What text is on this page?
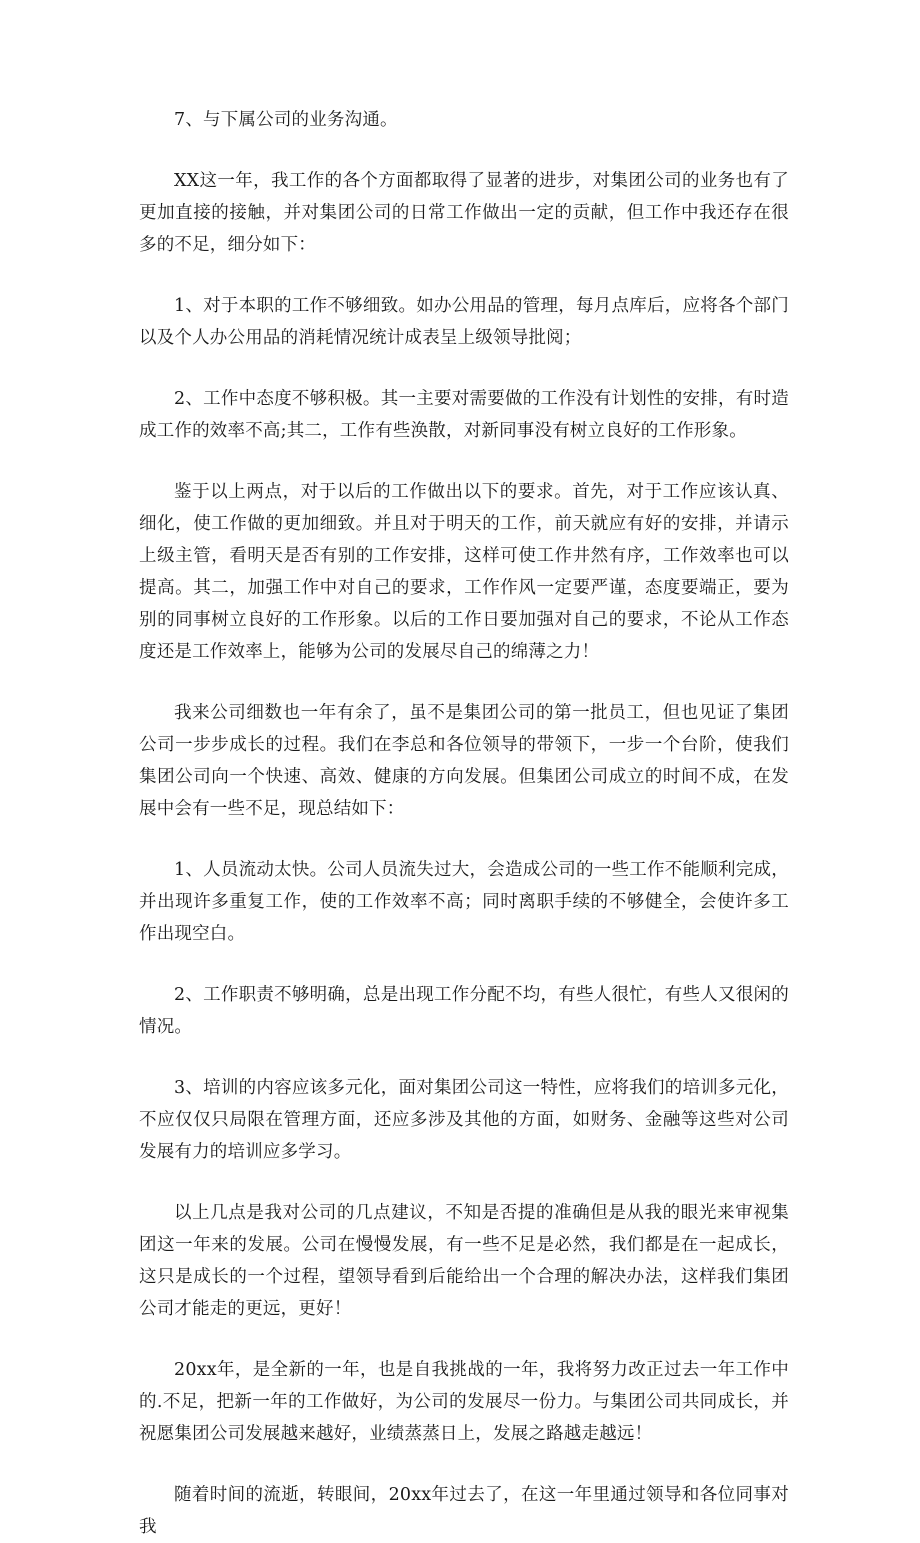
7、与下属公司的业务沟通。

XX这一年，我工作的各个方面都取得了显著的进步，对集团公司的业务也有了更加直接的接触，并对集团公司的日常工作做出一定的贡献，但工作中我还存在很多的不足，细分如下：

1、对于本职的工作不够细致。如办公用品的管理，每月点库后，应将各个部门以及个人办公用品的消耗情况统计成表呈上级领导批阅；

2、工作中态度不够积极。其一主要对需要做的工作没有计划性的安排，有时造成工作的效率不高;其二，工作有些涣散，对新同事没有树立良好的工作形象。

鉴于以上两点，对于以后的工作做出以下的要求。首先，对于工作应该认真、细化，使工作做的更加细致。并且对于明天的工作，前天就应有好的安排，并请示上级主管，看明天是否有别的工作安排，这样可使工作井然有序，工作效率也可以提高。其二，加强工作中对自己的要求，工作作风一定要严谨，态度要端正，要为别的同事树立良好的工作形象。以后的工作日要加强对自己的要求，不论从工作态度还是工作效率上，能够为公司的发展尽自己的绵薄之力！

我来公司细数也一年有余了，虽不是集团公司的第一批员工，但也见证了集团公司一步步成长的过程。我们在李总和各位领导的带领下，一步一个台阶，使我们集团公司向一个快速、高效、健康的方向发展。但集团公司成立的时间不成，在发展中会有一些不足，现总结如下：

1、人员流动太快。公司人员流失过大，会造成公司的一些工作不能顺利完成，并出现许多重复工作，使的工作效率不高；同时离职手续的不够健全，会使许多工作出现空白。

2、工作职责不够明确，总是出现工作分配不均，有些人很忙，有些人又很闲的情况。

3、培训的内容应该多元化，面对集团公司这一特性，应将我们的培训多元化，不应仅仅只局限在管理方面，还应多涉及其他的方面，如财务、金融等这些对公司发展有力的培训应多学习。

以上几点是我对公司的几点建议，不知是否提的准确但是从我的眼光来审视集团这一年来的发展。公司在慢慢发展，有一些不足是必然，我们都是在一起成长，这只是成长的一个过程，望领导看到后能给出一个合理的解决办法，这样我们集团公司才能走的更远，更好！

20xx年，是全新的一年，也是自我挑战的一年，我将努力改正过去一年工作中的.不足，把新一年的工作做好，为公司的发展尽一份力。与集团公司共同成长，并祝愿集团公司发展越来越好，业绩蒸蒸日上，发展之路越走越远！

随着时间的流逝，转眼间，20xx年过去了，在这一年里通过领导和各位同事对我
